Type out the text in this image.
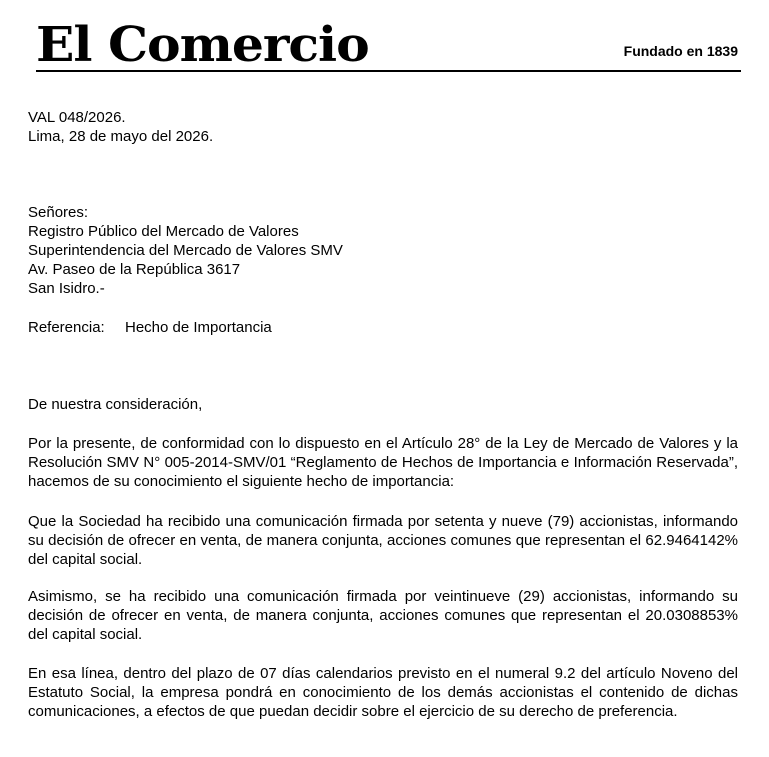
El Comercio	Fundado en 1839
VAL 048/2026.
Lima, 28 de mayo del 2026.
Señores:
Registro Público del Mercado de Valores
Superintendencia del Mercado de Valores SMV
Av. Paseo de la República 3617
San Isidro.-
Referencia: Hecho de Importancia
De nuestra consideración,
Por la presente, de conformidad con lo dispuesto en el Artículo 28° de la Ley de Mercado de Valores y la Resolución SMV N° 005-2014-SMV/01 “Reglamento de Hechos de Importancia e Información Reservada”, hacemos de su conocimiento el siguiente hecho de importancia:
Que la Sociedad ha recibido una comunicación firmada por setenta y nueve (79) accionistas, informando su decisión de ofrecer en venta, de manera conjunta, acciones comunes que representan el 62.9464142% del capital social.
Asimismo, se ha recibido una comunicación firmada por veintinueve (29) accionistas, informando su decisión de ofrecer en venta, de manera conjunta, acciones comunes que representan el 20.0308853% del capital social.
En esa línea, dentro del plazo de 07 días calendarios previsto en el numeral 9.2 del artículo Noveno del Estatuto Social, la empresa pondrá en conocimiento de los demás accionistas el contenido de dichas comunicaciones, a efectos de que puedan decidir sobre el ejercicio de su derecho de preferencia.
